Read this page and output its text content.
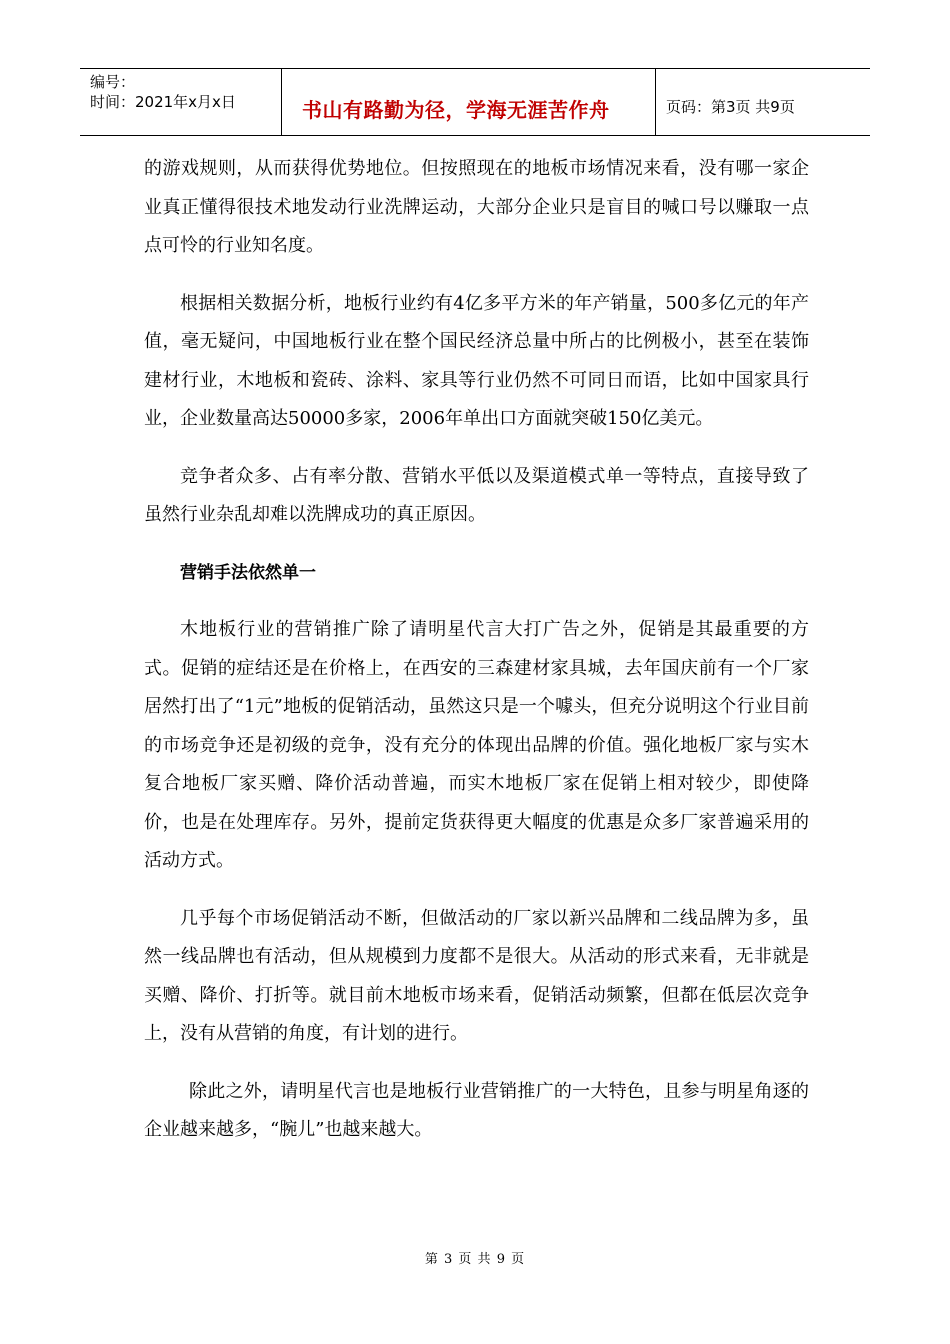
编号：
时间：2021年x月x日	书山有路勤为径，学海无涯苦作舟	页码：第3页 共9页

的游戏规则，从而获得优势地位。但按照现在的地板市场情况来看，没有哪一家企业真正懂得很技术地发动行业洗牌运动，大部分企业只是盲目的喊口号以赚取一点点可怜的行业知名度。

根据相关数据分析，地板行业约有4亿多平方米的年产销量，500多亿元的年产值，毫无疑问，中国地板行业在整个国民经济总量中所占的比例极小，甚至在装饰建材行业，木地板和瓷砖、涂料、家具等行业仍然不可同日而语，比如中国家具行业，企业数量高达50000多家，2006年单出口方面就突破150亿美元。

竞争者众多、占有率分散、营销水平低以及渠道模式单一等特点，直接导致了虽然行业杂乱却难以洗牌成功的真正原因。

营销手法依然单一

木地板行业的营销推广除了请明星代言大打广告之外，促销是其最重要的方式。促销的症结还是在价格上，在西安的三森建材家具城，去年国庆前有一个厂家居然打出了“1元”地板的促销活动，虽然这只是一个噱头，但充分说明这个行业目前的市场竞争还是初级的竞争，没有充分的体现出品牌的价值。强化地板厂家与实木复合地板厂家买赠、降价活动普遍，而实木地板厂家在促销上相对较少，即使降价，也是在处理库存。另外，提前定货获得更大幅度的优惠是众多厂家普遍采用的活动方式。

几乎每个市场促销活动不断，但做活动的厂家以新兴品牌和二线品牌为多，虽然一线品牌也有活动，但从规模到力度都不是很大。从活动的形式来看，无非就是买赠、降价、打折等。就目前木地板市场来看，促销活动频繁，但都在低层次竞争上，没有从营销的角度，有计划的进行。

除此之外，请明星代言也是地板行业营销推广的一大特色，且参与明星角逐的企业越来越多，“腕儿”也越来越大。

第 3 页 共 9 页
